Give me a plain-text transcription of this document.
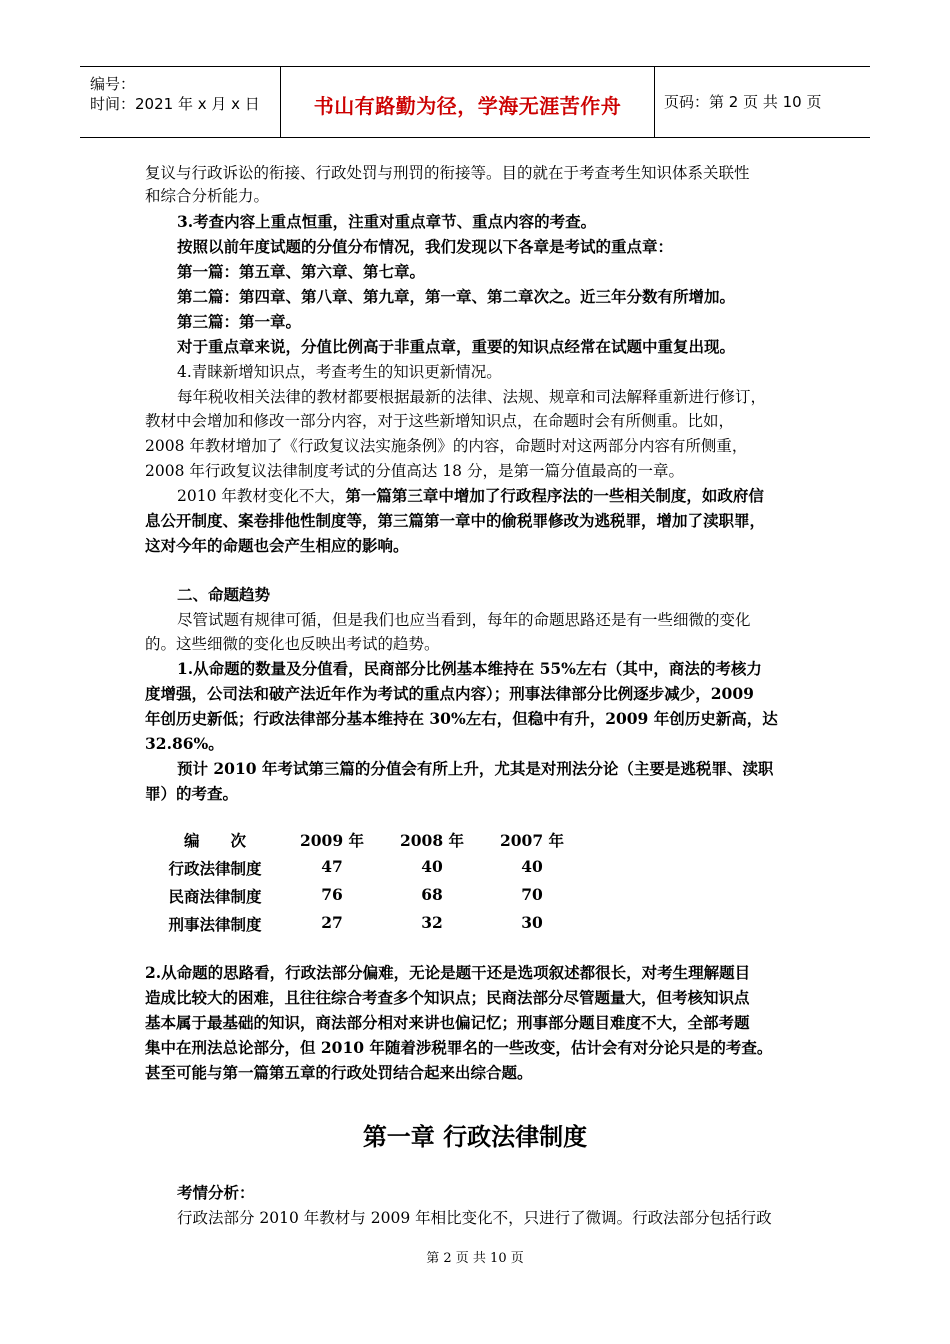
编号：
时间：2021 年 x 月 x 日	书山有路勤为径，学海无涯苦作舟	页码：第 2 页 共 10 页
复议与行政诉讼的衔接、行政处罚与刑罚的衔接等。目的就在于考查考生知识体系关联性
和综合分析能力。
3.考查内容上重点恒重，注重对重点章节、重点内容的考查。
按照以前年度试题的分值分布情况，我们发现以下各章是考试的重点章：
第一篇：第五章、第六章、第七章。
第二篇：第四章、第八章、第九章，第一章、第二章次之。近三年分数有所增加。
第三篇：第一章。
对于重点章来说，分值比例高于非重点章，重要的知识点经常在试题中重复出现。
4.青睐新增知识点，考查考生的知识更新情况。
每年税收相关法律的教材都要根据最新的法律、法规、规章和司法解释重新进行修订，
教材中会增加和修改一部分内容，对于这些新增知识点，在命题时会有所侧重。比如，
2008 年教材增加了《行政复议法实施条例》的内容，命题时对这两部分内容有所侧重，
2008 年行政复议法律制度考试的分值高达 18 分，是第一篇分值最高的一章。
2010 年教材变化不大，第一篇第三章中增加了行政程序法的一些相关制度，如政府信
息公开制度、案卷排他性制度等，第三篇第一章中的偷税罪修改为逃税罪，增加了渎职罪，
这对今年的命题也会产生相应的影响。
二、命题趋势
尽管试题有规律可循，但是我们也应当看到，每年的命题思路还是有一些细微的变化
的。这些细微的变化也反映出考试的趋势。
1.从命题的数量及分值看，民商部分比例基本维持在 55%左右（其中，商法的考核力
度增强，公司法和破产法近年作为考试的重点内容）；刑事法律部分比例逐步减少，2009
年创历史新低；行政法律部分基本维持在 30%左右，但稳中有升，2009 年创历史新高，达
32.86%。
预计 2010 年考试第三篇的分值会有所上升，尤其是对刑法分论（主要是逃税罪、渎职
罪）的考查。
编　　次	2009 年 2008 年 2007 年
行政法律制度	47	40	40
民商法律制度	76	68	70
刑事法律制度	27	32	30
2.从命题的思路看，行政法部分偏难，无论是题干还是选项叙述都很长，对考生理解题目
造成比较大的困难，且往往综合考查多个知识点；民商法部分尽管题量大，但考核知识点
基本属于最基础的知识，商法部分相对来讲也偏记忆；刑事部分题目难度不大，全部考题
集中在刑法总论部分，但 2010 年随着涉税罪名的一些改变，估计会有对分论只是的考查。
甚至可能与第一篇第五章的行政处罚结合起来出综合题。
第一章 行政法律制度
考情分析：
行政法部分 2010 年教材与 2009 年相比变化不，只进行了微调。行政法部分包括行政
第 2 页 共 10 页
